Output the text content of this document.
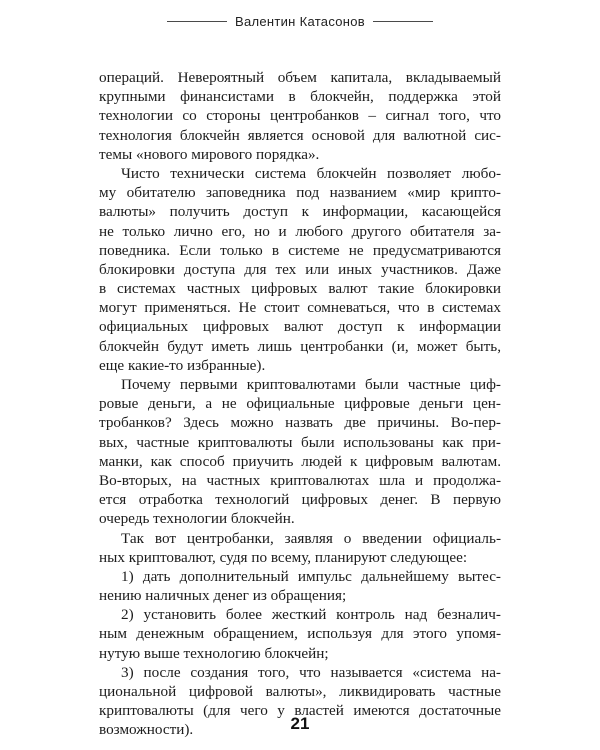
Валентин Катасонов
операций. Невероятный объем капитала, вкладываемый
крупными финансистами в блокчейн, поддержка этой
технологии со стороны центробанков – сигнал того, что
технология блокчейн является основой для валютной сис-
темы «нового мирового порядка».
Чисто технически система блокчейн позволяет любо-
му обитателю заповедника под названием «мир крипто-
валюты» получить доступ к информации, касающейся
не только лично его, но и любого другого обитателя за-
поведника. Если только в системе не предусматриваются
блокировки доступа для тех или иных участников. Даже
в системах частных цифровых валют такие блокировки
могут применяться. Не стоит сомневаться, что в системах
официальных цифровых валют доступ к информации
блокчейн будут иметь лишь центробанки (и, может быть,
еще какие-то избранные).
Почему первыми криптовалютами были частные циф-
ровые деньги, а не официальные цифровые деньги цен-
тробанков? Здесь можно назвать две причины. Во-пер-
вых, частные криптовалюты были использованы как при-
манки, как способ приучить людей к цифровым валютам.
Во-вторых, на частных криптовалютах шла и продолжа-
ется отработка технологий цифровых денег. В первую
очередь технологии блокчейн.
Так вот центробанки, заявляя о введении официаль-
ных криптовалют, судя по всему, планируют следующее:
1) дать дополнительный импульс дальнейшему вытес-
нению наличных денег из обращения;
2) установить более жесткий контроль над безналич-
ным денежным обращением, используя для этого упомя-
нутую выше технологию блокчейн;
3) после создания того, что называется «система на-
циональной цифровой валюты», ликвидировать частные
криптовалюты (для чего у властей имеются достаточные
возможности).	21
